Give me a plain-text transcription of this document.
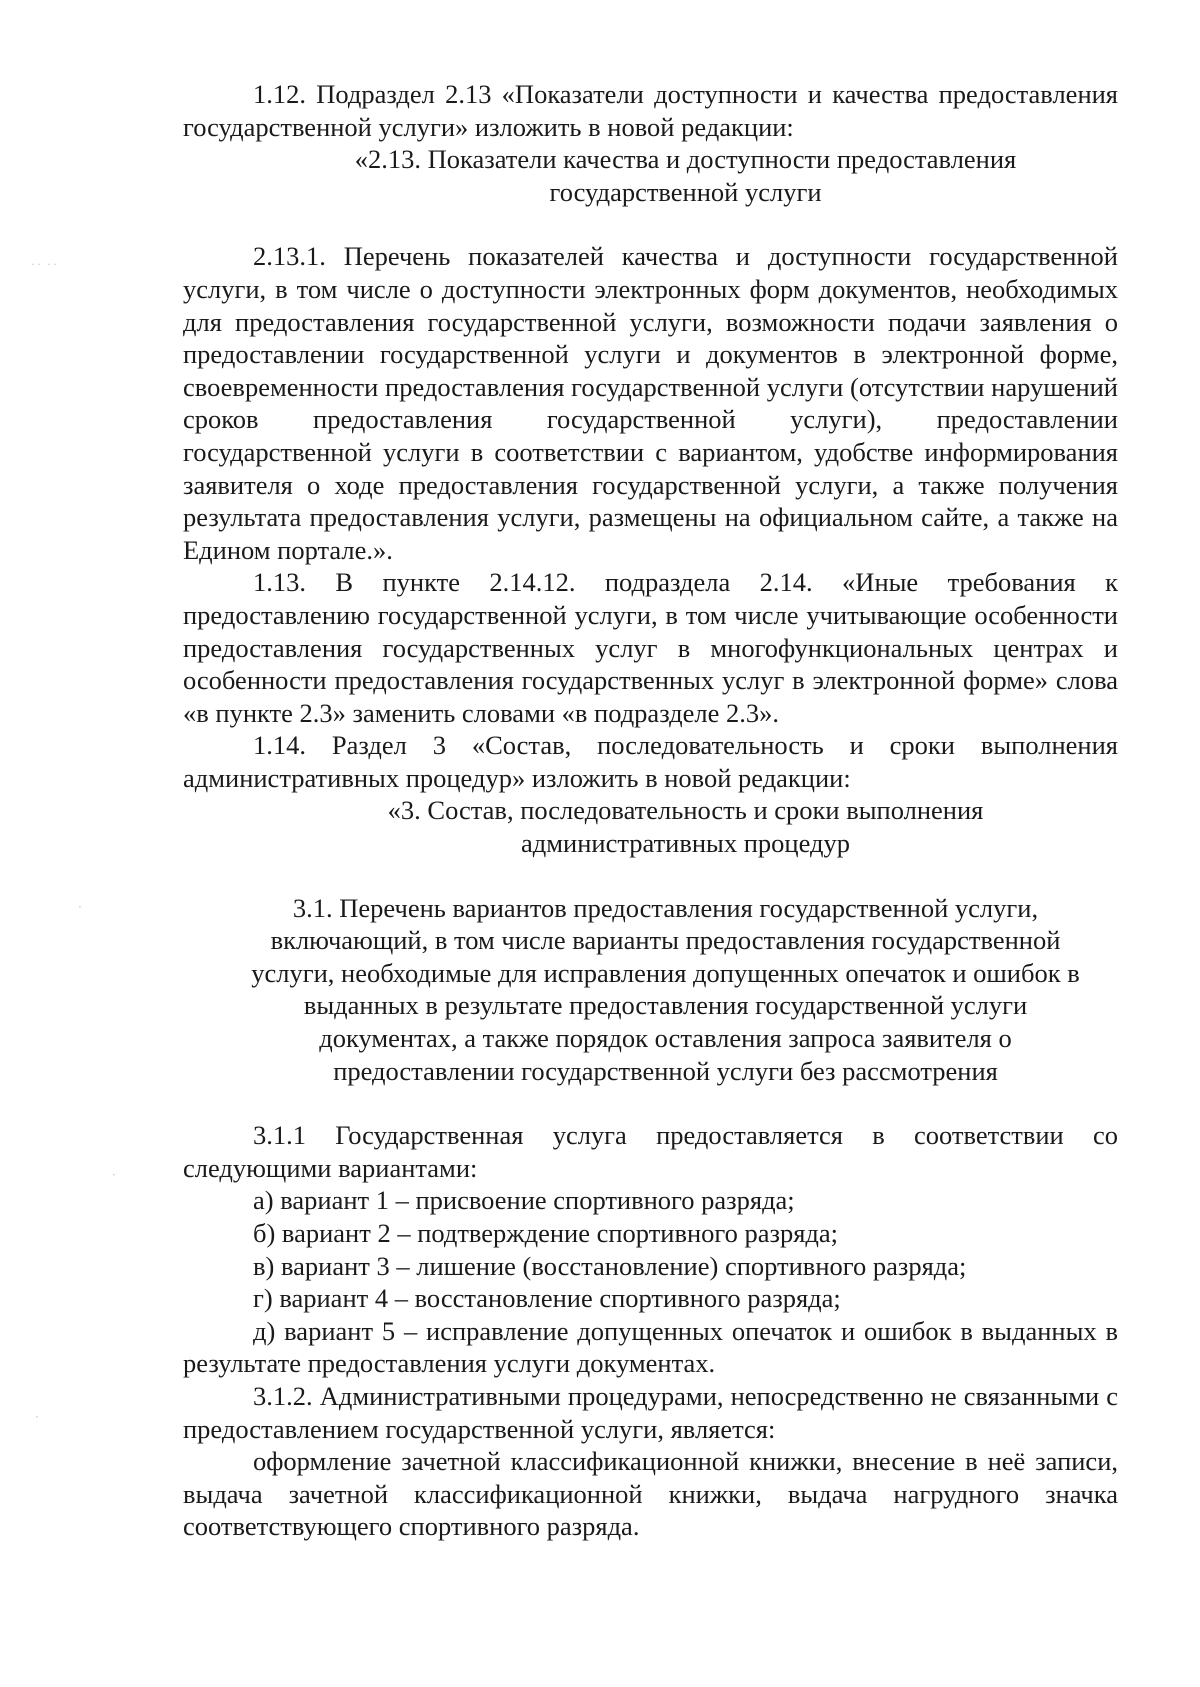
1.12. Подраздел 2.13 «Показатели доступности и качества предоставления государственной услуги» изложить в новой редакции:

«2.13. Показатели качества и доступности предоставления

государственной услуги

2.13.1. Перечень показателей качества и доступности государственной услуги, в том числе о доступности электронных форм документов, необходимых для предоставления государственной услуги, возможности подачи заявления о предоставлении государственной услуги и документов в электронной форме, своевременности предоставления государственной услуги (отсутствии нарушений сроков предоставления государственной услуги), предоставлении государственной услуги в соответствии с вариантом, удобстве информирования заявителя о ходе предоставления государственной услуги, а также получения результата предоставления услуги, размещены на официальном сайте, а также на Едином портале.».

1.13. В пункте 2.14.12. подраздела 2.14. «Иные требования к предоставлению государственной услуги, в том числе учитывающие особенности предоставления государственных услуг в многофункциональных центрах и особенности предоставления государственных услуг в электронной форме» слова «в пункте 2.3» заменить словами «в подразделе 2.3».

1.14. Раздел 3 «Состав, последовательность и сроки выполнения административных процедур» изложить в новой редакции:

«3. Состав, последовательность и сроки выполнения

административных процедур

3.1. Перечень вариантов предоставления государственной услуги,

включающий, в том числе варианты предоставления государственной

услуги, необходимые для исправления допущенных опечаток и ошибок в

выданных в результате предоставления государственной услуги

документах, а также порядок оставления запроса заявителя о

предоставлении государственной услуги без рассмотрения

3.1.1 Государственная услуга предоставляется в соответствии со следующими вариантами:

а) вариант 1 – присвоение спортивного разряда;

б) вариант 2 – подтверждение спортивного разряда;

в) вариант 3 – лишение (восстановление) спортивного разряда;

г) вариант 4 – восстановление спортивного разряда;

д) вариант 5 – исправление допущенных опечаток и ошибок в выданных в результате предоставления услуги документах.

3.1.2. Административными процедурами, непосредственно не связанными с предоставлением государственной услуги, является:

оформление зачетной классификационной книжки, внесение в неё записи, выдача зачетной классификационной книжки, выдача нагрудного значка соответствующего спортивного разряда.

˙˙ ˙˙
·
·
·
